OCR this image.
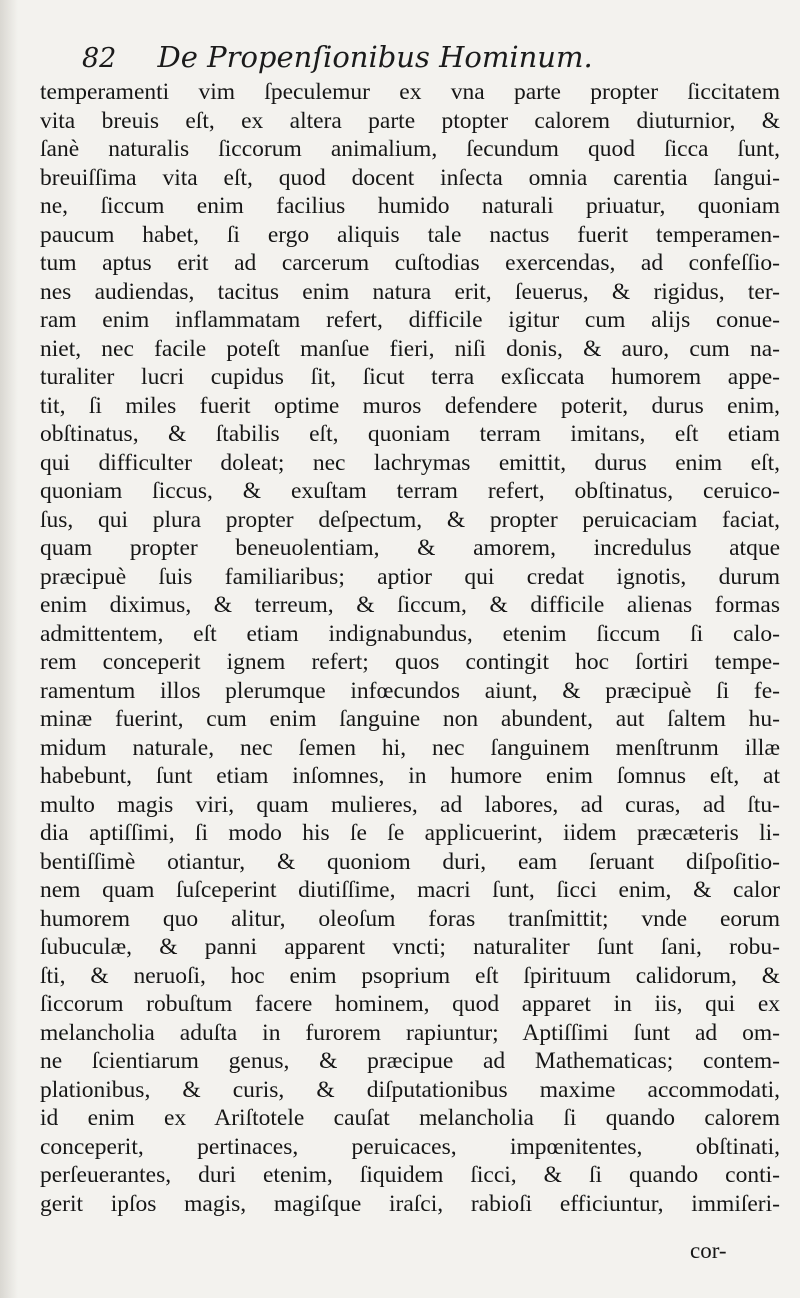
82 De Propenſionibus Hominum.
temperamenti vim ſpeculemur ex vna parte propter ſiccitatem
vita breuis eſt, ex altera parte ptopter calorem diuturnior, &
ſanè naturalis ſiccorum animalium, ſecundum quod ſicca ſunt,
breuiſſima vita eſt, quod docent inſecta omnia carentia ſangui-
ne, ſiccum enim facilius humido naturali priuatur, quoniam
paucum habet, ſi ergo aliquis tale nactus fuerit temperamen-
tum aptus erit ad carcerum cuſtodias exercendas, ad confeſſio-
nes audiendas, tacitus enim natura erit, ſeuerus, & rigidus, ter-
ram enim inflammatam refert, difficile igitur cum alijs conue-
niet, nec facile poteſt manſue fieri, niſi donis, & auro, cum na-
turaliter lucri cupidus ſit, ſicut terra exſiccata humorem appe-
tit, ſi miles fuerit optime muros defendere poterit, durus enim,
obſtinatus, & ſtabilis eſt, quoniam terram imitans, eſt etiam
qui difficulter doleat; nec lachrymas emittit, durus enim eſt,
quoniam ſiccus, & exuſtam terram refert, obſtinatus, ceruico-
ſus, qui plura propter deſpectum, & propter peruicaciam faciat,
quam propter beneuolentiam, & amorem, incredulus atque
præcipuè ſuis familiaribus; aptior qui credat ignotis, durum
enim diximus, & terreum, & ſiccum, & difficile alienas formas
admittentem, eſt etiam indignabundus, etenim ſiccum ſi calo-
rem conceperit ignem refert; quos contingit hoc ſortiri tempe-
ramentum illos plerumque infœcundos aiunt, & præcipuè ſi fe-
minæ fuerint, cum enim ſanguine non abundent, aut ſaltem hu-
midum naturale, nec ſemen hi, nec ſanguinem menſtrunm illæ
habebunt, ſunt etiam inſomnes, in humore enim ſomnus eſt, at
multo magis viri, quam mulieres, ad labores, ad curas, ad ſtu-
dia aptiſſimi, ſi modo his ſe ſe applicuerint, iidem præcæteris li-
bentiſſimè otiantur, & quoniom duri, eam ſeruant diſpoſitio-
nem quam ſuſceperint diutiſſime, macri ſunt, ſicci enim, & calor
humorem quo alitur, oleoſum foras tranſmittit; vnde eorum
ſubuculæ, & panni apparent vncti; naturaliter ſunt ſani, robu-
ſti, & neruoſi, hoc enim psoprium eſt ſpirituum calidorum, &
ſiccorum robuſtum facere hominem, quod apparet in iis, qui ex
melancholia aduſta in furorem rapiuntur; Aptiſſimi ſunt ad om-
ne ſcientiarum genus, & præcipue ad Mathematicas; contem-
plationibus, & curis, & diſputationibus maxime accommodati,
id enim ex Ariſtotele cauſat melancholia ſi quando calorem
conceperit, pertinaces, peruicaces, impœnitentes, obſtinati,
perſeuerantes, duri etenim, ſiquidem ſicci, & ſi quando conti-
gerit ipſos magis, magiſque iraſci, rabioſi efficiuntur, immiſeri-
cor-
